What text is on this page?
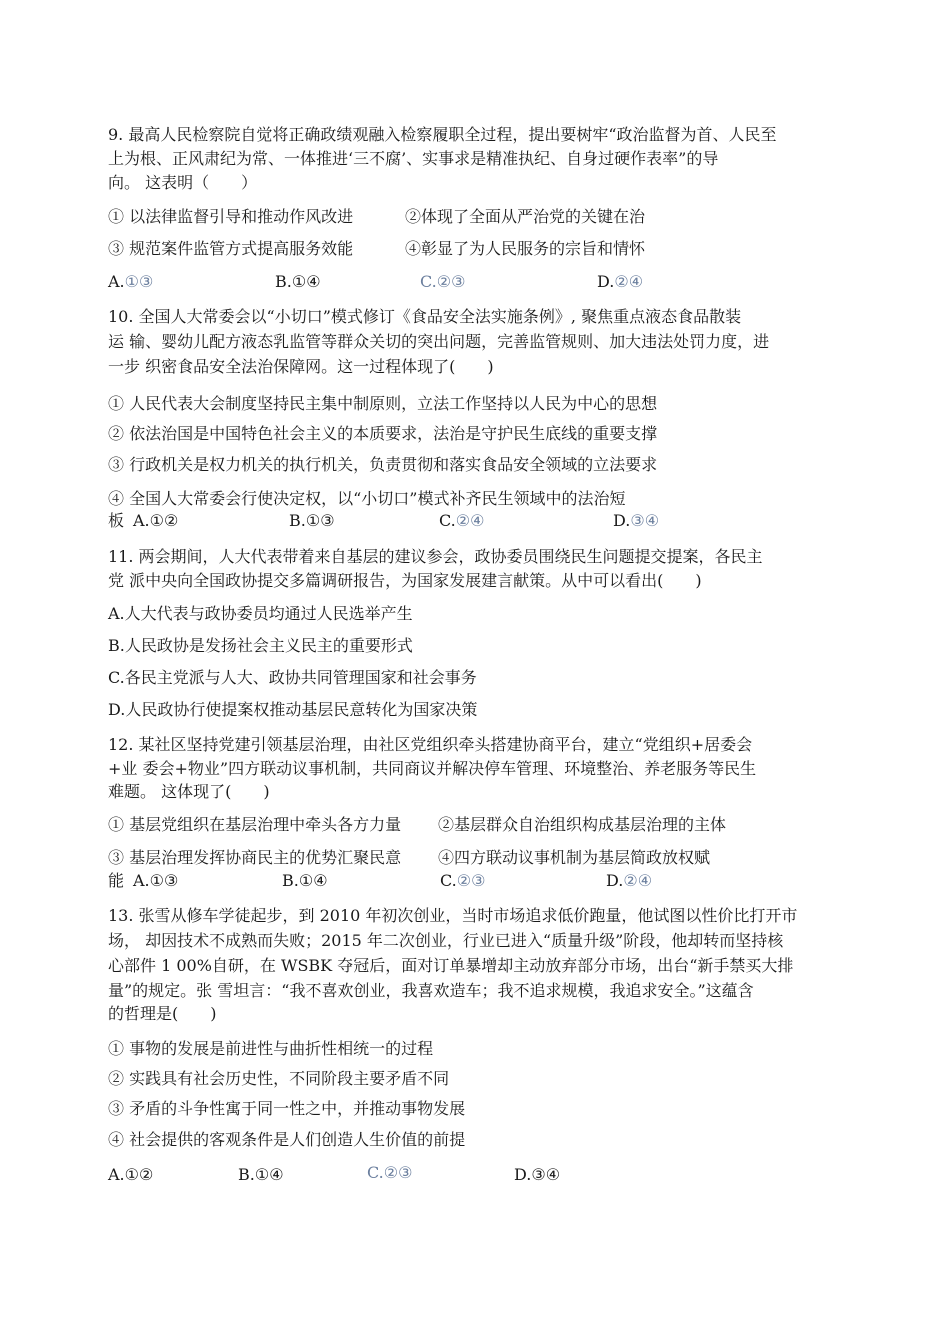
9. 最高人民检察院自觉将正确政绩观融入检察履职全过程，提出要树牢“政治监督为首、人民至
上为根、正风肃纪为常、一体推进‘三不腐’、实事求是精准执纪、自身过硬作表率”的导
向。 这表明（　　）
① 以法律监督引导和推动作风改进	②体现了全面从严治党的关键在治
③ 规范案件监管方式提高服务效能	④彰显了为人民服务的宗旨和情怀
A.①③	B.①④	C.②③	D.②④
10. 全国人大常委会以“小切口”模式修订《食品安全法实施条例》, 聚焦重点液态食品散装
运 输、婴幼儿配方液态乳监管等群众关切的突出问题，完善监管规则、加大违法处罚力度，进
一步 织密食品安全法治保障网。这一过程体现了(　　)
① 人民代表大会制度坚持民主集中制原则，立法工作坚持以人民为中心的思想
② 依法治国是中国特色社会主义的本质要求，法治是守护民生底线的重要支撑
③ 行政机关是权力机关的执行机关，负责贯彻和落实食品安全领域的立法要求
④ 全国人大常委会行使决定权，以“小切口”模式补齐民生领域中的法治短
板 A.①②	B.①③	C.②④	D.③④
11. 两会期间，人大代表带着来自基层的建议参会，政协委员围绕民生问题提交提案，各民主
党 派中央向全国政协提交多篇调研报告，为国家发展建言献策。从中可以看出(　　)
A.人大代表与政协委员均通过人民选举产生
B.人民政协是发扬社会主义民主的重要形式
C.各民主党派与人大、政协共同管理国家和社会事务
D.人民政协行使提案权推动基层民意转化为国家决策
12. 某社区坚持党建引领基层治理，由社区党组织牵头搭建协商平台，建立“党组织+居委会
+业 委会+物业”四方联动议事机制，共同商议并解决停车管理、环境整治、养老服务等民生
难题。 这体现了(　　)
① 基层党组织在基层治理中牵头各方力量 ②基层群众自治组织构成基层治理的主体
③ 基层治理发挥协商民主的优势汇聚民意 ④四方联动议事机制为基层简政放权赋
能 A.①③	B.①④	C.②③	D.②④
13. 张雪从修车学徒起步，到 2010 年初次创业，当时市场追求低价跑量，他试图以性价比打开市
场， 却因技术不成熟而失败；2015 年二次创业，行业已进入“质量升级”阶段，他却转而坚持核
心部件 1 00%自研，在 WSBK 夺冠后，面对订单暴增却主动放弃部分市场，出台“新手禁买大排
量”的规定。张 雪坦言：“我不喜欢创业，我喜欢造车；我不追求规模，我追求安全。”这蕴含
的哲理是(　　)
① 事物的发展是前进性与曲折性相统一的过程
② 实践具有社会历史性，不同阶段主要矛盾不同
③ 矛盾的斗争性寓于同一性之中，并推动事物发展
④ 社会提供的客观条件是人们创造人生价值的前提
A.①②	B.①④	C.②③	D.③④
